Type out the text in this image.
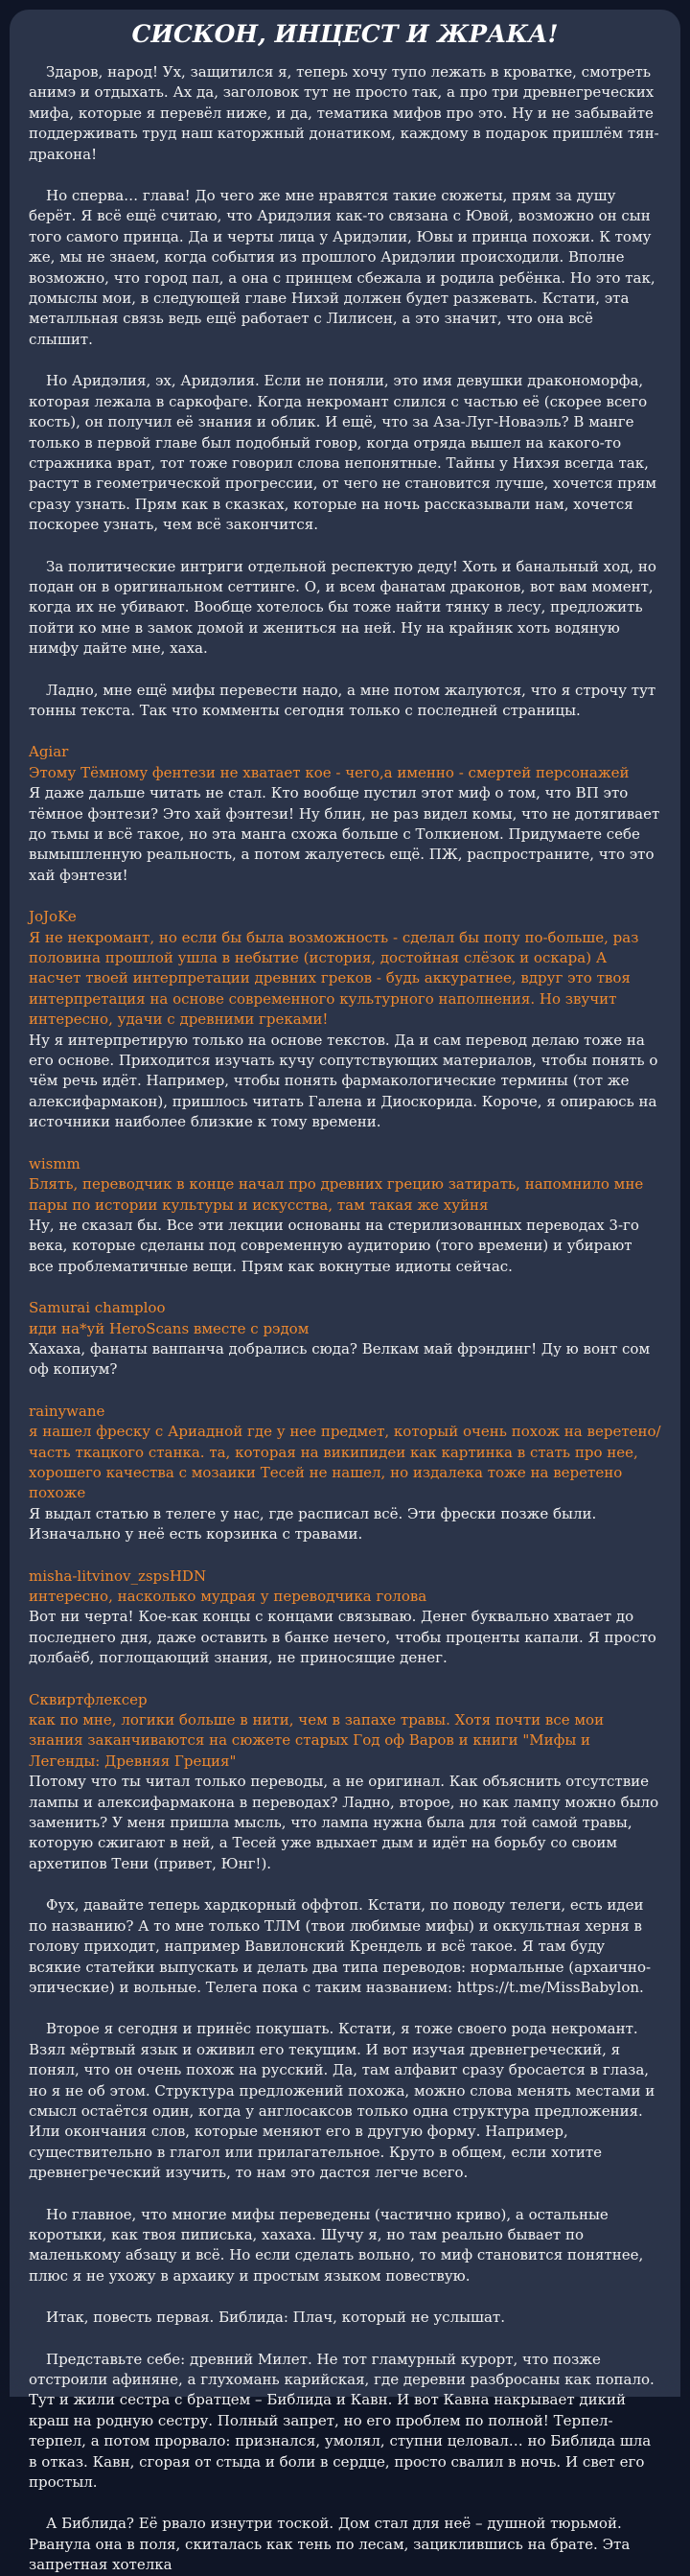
СИСКОН, ИНЦЕСТ И ЖРАКА!

Здаров, народ! Ух, защитился я, теперь хочу тупо лежать в кроватке, смотреть анимэ и отдыхать. Ах да, заголовок тут не просто так, а про три древнегреческих мифа, которые я перевёл ниже, и да, тематика мифов про это. Ну и не забывайте поддерживать труд наш каторжный донатиком, каждому в подарок пришлём тян-дракона!

Но сперва… глава! До чего же мне нравятся такие сюжеты, прям за душу берёт. Я всё ещё считаю, что Аридэлия как-то связана с Ювой, возможно он сын того самого принца. Да и черты лица у Аридэлии, Ювы и принца похожи. К тому же, мы не знаем, когда события из прошлого Аридэлии происходили. Вполне возможно, что город пал, а она с принцем сбежала и родила ребёнка. Но это так, домыслы мои, в следующей главе Нихэй должен будет разжевать. Кстати, эта металльная связь ведь ещё работает с Лилисен, а это значит, что она всё слышит.

Но Аридэлия, эх, Аридэлия. Если не поняли, это имя девушки дракономорфа, которая лежала в саркофаге. Когда некромант слился с частью её (скорее всего кость), он получил её знания и облик. И ещё, что за Аза-Луг-Новаэль? В манге только в первой главе был подобный говор, когда отряда вышел на какого-то стражника врат, тот тоже говорил слова непонятные. Тайны у Нихэя всегда так, растут в геометрической прогрессии, от чего не становится лучше, хочется прям сразу узнать. Прям как в сказках, которые на ночь рассказывали нам, хочется поскорее узнать, чем всё закончится.

За политические интриги отдельной респектую деду! Хоть и банальный ход, но подан он в оригинальном сеттинге. О, и всем фанатам драконов, вот вам момент, когда их не убивают. Вообще хотелось бы тоже найти тянку в лесу, предложить пойти ко мне в замок домой и жениться на ней. Ну на крайняк хоть водяную нимфу дайте мне, хаха.

Ладно, мне ещё мифы перевести надо, а мне потом жалуются, что я строчу тут тонны текста. Так что комменты сегодня только с последней страницы.

Agiar

Этому Тёмному фентези не хватает кое - чего,а именно - смертей персонажей

Я даже дальше читать не стал. Кто вообще пустил этот миф о том, что ВП это тёмное фэнтези? Это хай фэнтези! Ну блин, не раз видел комы, что не дотягивает до тьмы и всё такое, но эта манга схожа больше с Толкиеном. Придумаете себе вымышленную реальность, а потом жалуетесь ещё. ПЖ, распространите, что это хай фэнтези!

JoJoKe

Я не некромант, но если бы была возможность - сделал бы попу по-больше, раз половина прошлой ушла в небытие (история, достойная слёзок и оскара) А насчет твоей интерпретации древних греков - будь аккуратнее, вдруг это твоя интерпретация на основе современного культурного наполнения. Но звучит интересно, удачи с древними греками!

Ну я интерпретирую только на основе текстов. Да и сам перевод делаю тоже на его основе. Приходится изучать кучу сопутствующих материалов, чтобы понять о чём речь идёт. Например, чтобы понять фармакологические термины (тот же алексифармакон), пришлось читать Галена и Диоскорида. Короче, я опираюсь на источники наиболее близкие к тому времени.

wismm

Блять, переводчик в конце начал про древних грецию затирать, напомнило мне пары по истории культуры и искусства, там такая же хуйня

Ну, не сказал бы. Все эти лекции основаны на стерилизованных переводах 3-го века, которые сделаны под современную аудиторию (того времени) и убирают все проблематичные вещи. Прям как вокнутые идиоты сейчас.

Samurai champloo

иди на*уй HeroScans вместе с рэдом

Хахаха, фанаты ванпанча добрались сюда? Велкам май фрэндинг! Ду ю вонт сом оф копиум?

rainywane

я нашел фреску с Ариадной где у нее предмет, который очень похож на веретено/часть ткацкого станка. та, которая на википидеи как картинка в стать про нее, хорошего качества с мозаики Тесей не нашел, но издалека тоже на веретено похоже

Я выдал статью в телеге у нас, где расписал всё. Эти фрески позже были. Изначально у неё есть корзинка с травами.

misha-litvinov_zspsHDN

интересно, насколько мудрая у переводчика голова

Вот ни черта! Кое-как концы с концами связываю. Денег буквально хватает до последнего дня, даже оставить в банке нечего, чтобы проценты капали. Я просто долбаёб, поглощающий знания, не приносящие денег.

Сквиртфлексер

как по мне, логики больше в нити, чем в запахе травы. Хотя почти все мои знания заканчиваются на сюжете старых Год оф Варов и книги "Мифы и Легенды: Древняя Греция"

Потому что ты читал только переводы, а не оригинал. Как объяснить отсутствие лампы и алексифармакона в переводах? Ладно, второе, но как лампу можно было заменить? У меня пришла мысль, что лампа нужна была для той самой травы, которую сжигают в ней, а Тесей уже вдыхает дым и идёт на борьбу со своим архетипов Тени (привет, Юнг!).

Фух, давайте теперь хардкорный оффтоп. Кстати, по поводу телеги, есть идеи по названию? А то мне только ТЛМ (твои любимые мифы) и оккультная херня в голову приходит, например Вавилонский Крендель и всё такое. Я там буду всякие статейки выпускать и делать два типа переводов: нормальные (архаично-эпические) и вольные. Телега пока с таким названием: https://t.me/MissBabylon.

Второе я сегодня и принёс покушать. Кстати, я тоже своего рода некромант. Взял мёртвый язык и оживил его текущим. И вот изучая древнегреческий, я понял, что он очень похож на русский. Да, там алфавит сразу бросается в глаза, но я не об этом. Структура предложений похожа, можно слова менять местами и смысл остаётся один, когда у англосаксов только одна структура предложения. Или окончания слов, которые меняют его в другую форму. Например, существительно в глагол или прилагательное. Круто в общем, если хотите древнегреческий изучить, то нам это дастся легче всего.

Но главное, что многие мифы переведены (частично криво), а остальные коротыки, как твоя пиписька, хахаха. Шучу я, но там реально бывает по маленькому абзацу и всё. Но если сделать вольно, то миф становится понятнее, плюс я не ухожу в архаику и простым языком повествую.

Итак, повесть первая. Библида: Плач, который не услышат.

Представьте себе: древний Милет. Не тот гламурный курорт, что позже отстроили афиняне, а глухомань карийская, где деревни разбросаны как попало. Тут и жили сестра с братцем – Библида и Кавн. И вот Кавна накрывает дикий краш на родную сестру. Полный запрет, но его проблем по полной! Терпел-терпел, а потом прорвало: признался, умолял, ступни целовал… но Библида шла в отказ. Кавн, сгорая от стыда и боли в сердце, просто свалил в ночь. И свет его простыл.

А Библида? Её рвало изнутри тоской. Дом стал для неё – душной тюрьмой. Рванула она в поля, скиталась как тень по лесам, зациклившись на брате. Эта запретная хотелка
